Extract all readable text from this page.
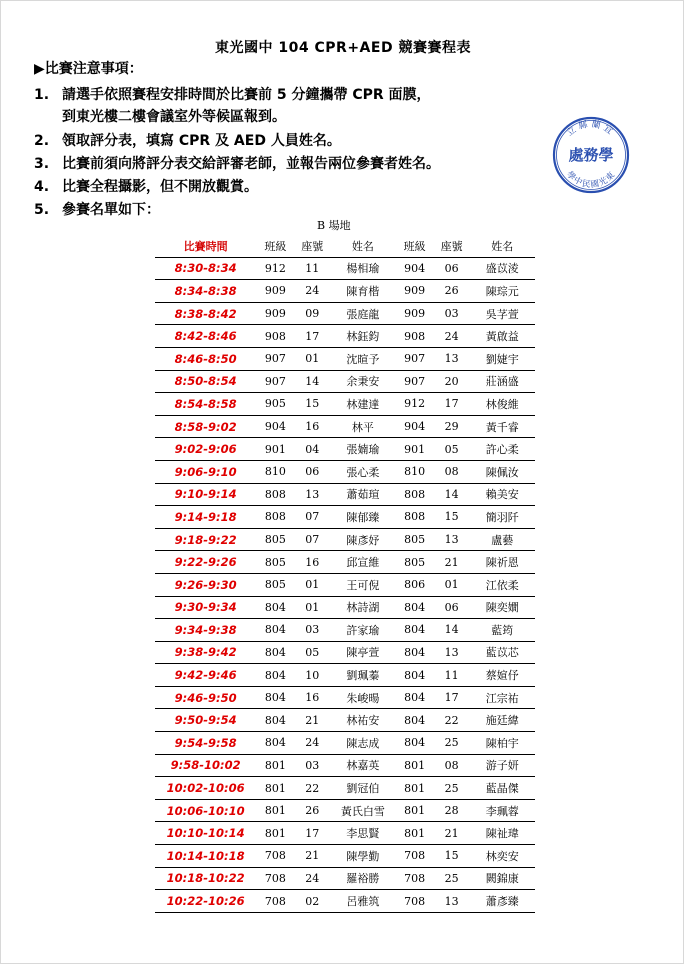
東光國中 104 CPR+AED 競賽賽程表
▶比賽注意事項：
1. 請選手依照賽程安排時間於比賽前 5 分鐘攜帶 CPR 面膜，
到東光樓二樓會議室外等候區報到。
2. 領取評分表，填寫 CPR 及 AED 人員姓名。
3. 比賽前須向將評分表交給評審老師，並報告兩位參賽者姓名。
4. 比賽全程攝影，但不開放觀賞。
5. 參賽名單如下：
立縣蘭宜
處務學
學中民國光東
B 場地
比賽時間	班級	座號	姓名	班級	座號	姓名
8:30-8:34	912	11	楊相瑜	904	06	盛苡淩
8:34-8:38	909	24	陳育楷	909	26	陳琮元
8:38-8:42	909	09	張庭龍	909	03	吳芓萱
8:42-8:46	908	17	林鈺鈞	908	24	黃啟益
8:46-8:50	907	01	沈暄予	907	13	劉婕宇
8:50-8:54	907	14	余秉安	907	20	莊涵盛
8:54-8:58	905	15	林建達	912	17	林俊維
8:58-9:02	904	16	林平	904	29	黃千睿
9:02-9:06	901	04	張婻瑜	901	05	許心柔
9:06-9:10	810	06	張心柔	810	08	陳佩汝
9:10-9:14	808	13	蕭茹瑄	808	14	賴美安
9:14-9:18	808	07	陳郁臻	808	15	簡羽阡
9:18-9:22	805	07	陳彥妤	805	13	盧藝
9:22-9:26	805	16	邱宣維	805	21	陳祈恩
9:26-9:30	805	01	王可倪	806	01	江依柔
9:30-9:34	804	01	林詩湖	804	06	陳奕嫺
9:34-9:38	804	03	許家瑜	804	14	藍筠
9:38-9:42	804	05	陳亭萱	804	13	藍苡芯
9:42-9:46	804	10	劉珮蓁	804	11	蔡媗伃
9:46-9:50	804	16	朱峻暘	804	17	江宗祐
9:50-9:54	804	21	林祐安	804	22	施廷緯
9:54-9:58	804	24	陳志成	804	25	陳柏宇
9:58-10:02	801	03	林嘉英	801	08	游子妍
10:02-10:06	801	22	劉冠伯	801	25	藍晶傑
10:06-10:10	801	26	黃氏白雪	801	28	李珮蓉
10:10-10:14	801	17	李思賢	801	21	陳祉瑋
10:14-10:18	708	21	陳學勤	708	15	林奕安
10:18-10:22	708	24	羅裕勝	708	25	闕錦康
10:22-10:26	708	02	呂雅筑	708	13	蕭彥臻
